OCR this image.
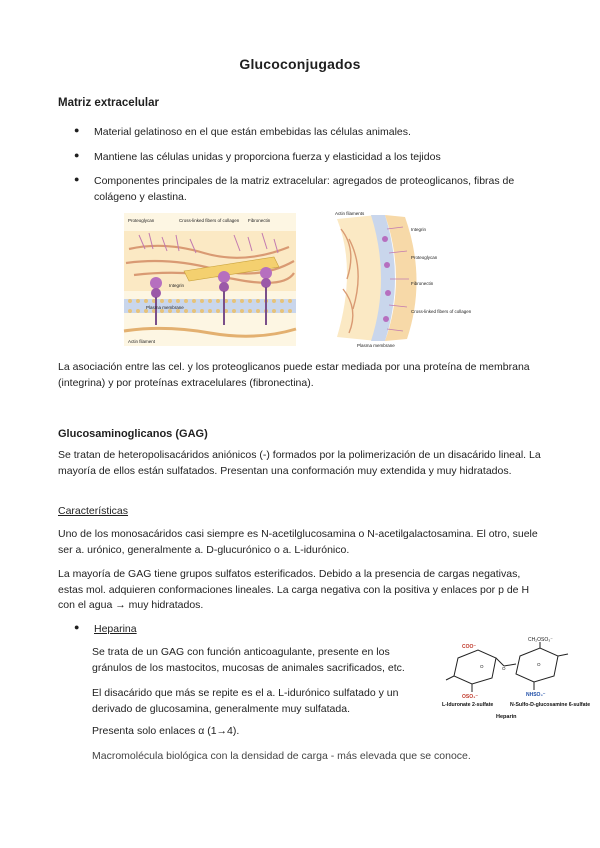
Glucoconjugados
Matriz extracelular
● Material gelatinoso en el que están embebidas las células animales.
● Mantiene las células unidas y proporciona fuerza y elasticidad a los tejidos
● Componentes principales de la matriz extracelular: agregados de proteoglicanos, fibras de colágeno y elastina.
Proteoglycan	Cross-linked fibers of collagen Fibronectin
Integrin
Plasma membrane
Actin filament
Actin filaments
Integrin
Proteoglycan
Fibronectin
Cross-linked fibers of collagen
Plasma membrane
La asociación entre las cel. y los proteoglicanos puede estar mediada por una proteína de membrana (integrina) y por proteínas extracelulares (fibronectina).
Glucosaminoglicanos (GAG)
Se tratan de heteropolisacáridos aniónicos (-) formados por la polimerización de un disacárido lineal. La mayoría de ellos están sulfatados. Presentan una conformación muy extendida y muy hidratados.
Características
Uno de los monosacáridos casi siempre es N-acetilglucosamina o N-acetilgalactosamina. El otro, suele ser a. urónico, generalmente a. D-glucurónico o a. L-idurónico.
La mayoría de GAG tiene grupos sulfatos esterificados. Debido a la presencia de cargas negativas, estas mol. adquieren conformaciones lineales. La carga negativa con la positiva y enlaces por p de H con el agua → muy hidratados.
● Heparina
Se trata de un GAG con función anticoagulante, presente en los gránulos de los mastocitos, mucosas de animales sacrificados, etc.
El disacárido que más se repite es el a. L-idurónico sulfatado y un derivado de glucosamina, generalmente muy sulfatada.
Presenta solo enlaces α (1→4).
Macromolécula biológica con la densidad de carga - más elevada que se conoce.
O	O
O
COO⁻
CH₂OSO₃⁻
OSO₃⁻	NHSO₃⁻
L-Iduronate 2-sulfate	N-Sulfo-D-glucosamine 6-sulfate
Heparin
